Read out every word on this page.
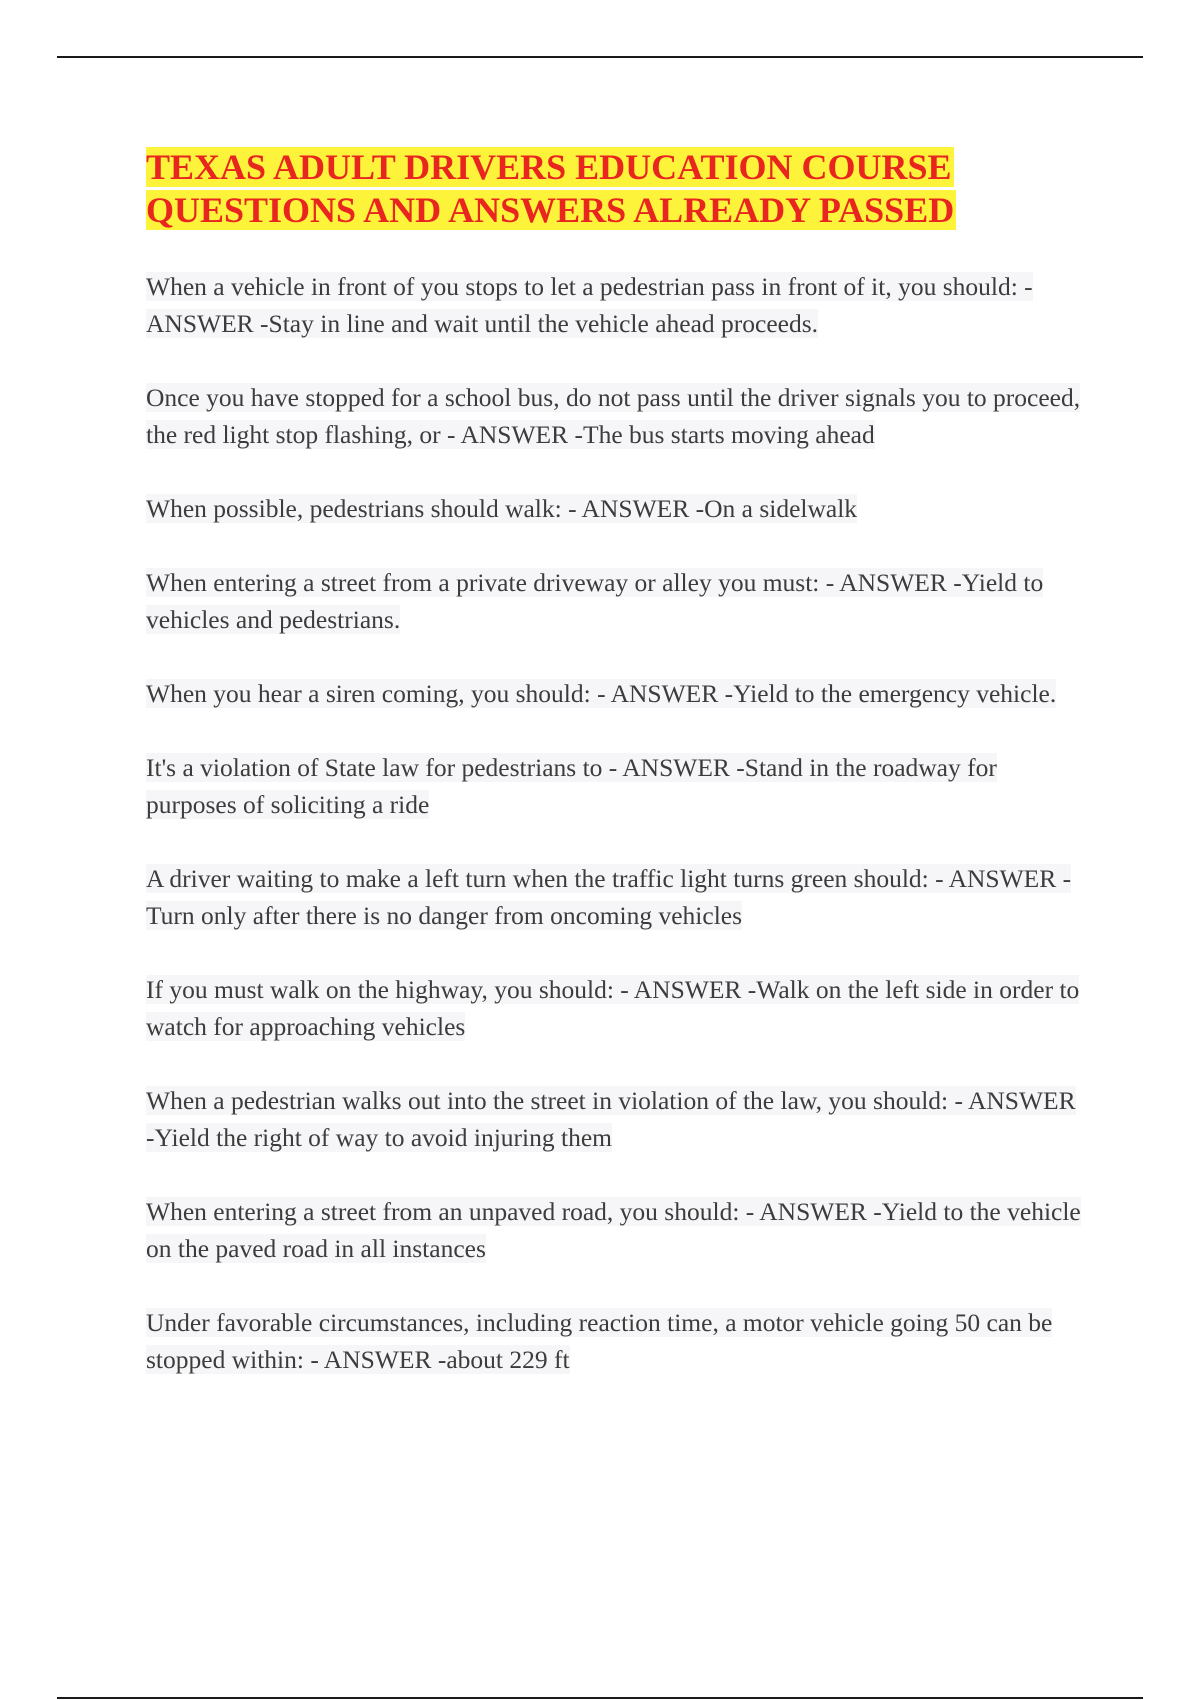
TEXAS ADULT DRIVERS EDUCATION COURSE
QUESTIONS AND ANSWERS ALREADY PASSED
When a vehicle in front of you stops to let a pedestrian pass in front of it, you should: - ANSWER -Stay in line and wait until the vehicle ahead proceeds.
Once you have stopped for a school bus, do not pass until the driver signals you to proceed, the red light stop flashing, or - ANSWER -The bus starts moving ahead
When possible, pedestrians should walk: - ANSWER -On a sidelwalk
When entering a street from a private driveway or alley you must: - ANSWER -Yield to vehicles and pedestrians.
When you hear a siren coming, you should: - ANSWER -Yield to the emergency vehicle.
It's a violation of State law for pedestrians to - ANSWER -Stand in the roadway for purposes of soliciting a ride
A driver waiting to make a left turn when the traffic light turns green should: - ANSWER -Turn only after there is no danger from oncoming vehicles
If you must walk on the highway, you should: - ANSWER -Walk on the left side in order to watch for approaching vehicles
When a pedestrian walks out into the street in violation of the law, you should: - ANSWER -Yield the right of way to avoid injuring them
When entering a street from an unpaved road, you should: - ANSWER -Yield to the vehicle on the paved road in all instances
Under favorable circumstances, including reaction time, a motor vehicle going 50 can be stopped within: - ANSWER -about 229 ft
